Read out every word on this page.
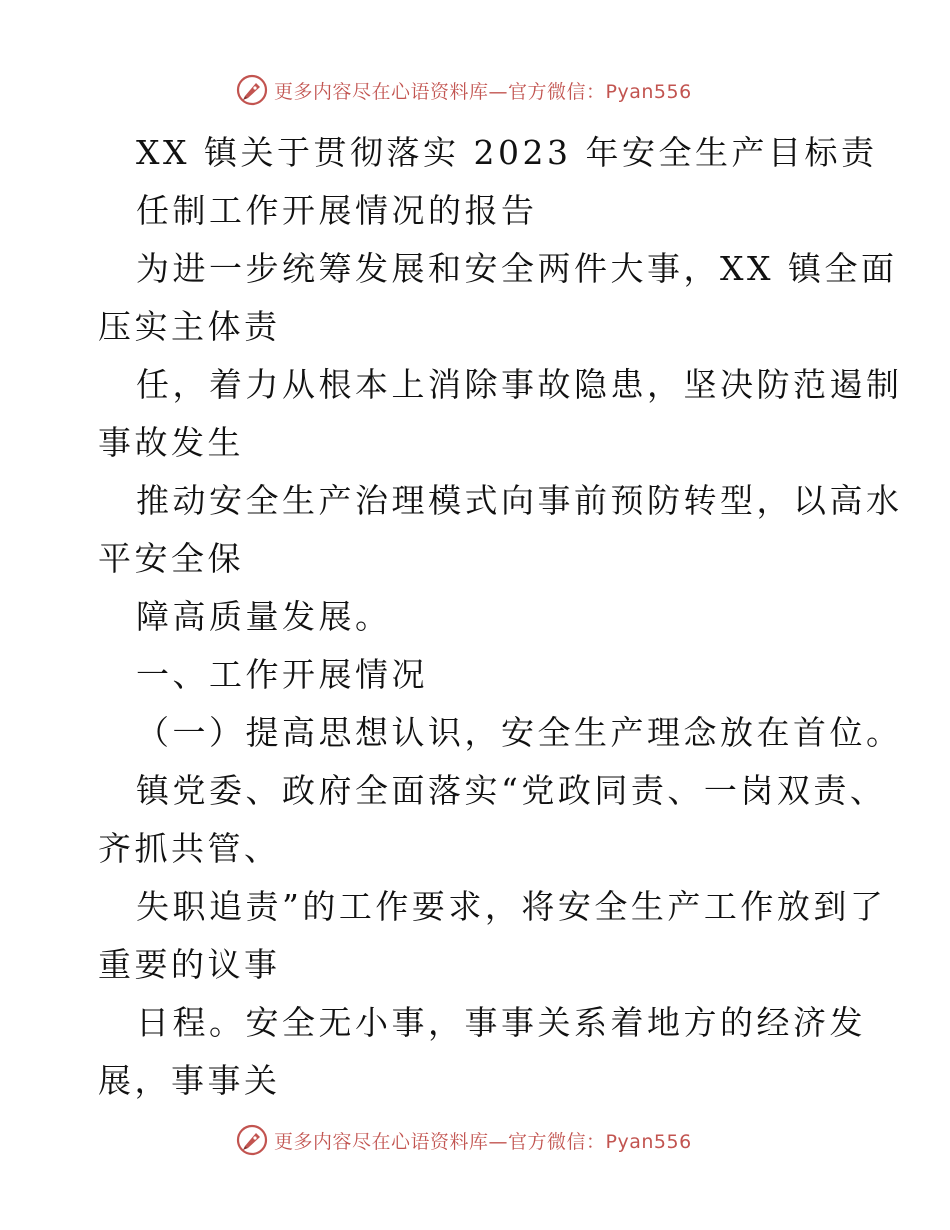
更多内容尽在心语资料库—官方微信：Pyan556
XX 镇关于贯彻落实 2023 年安全生产目标责
任制工作开展情况的报告
为进一步统筹发展和安全两件大事，XX 镇全面
压实主体责
任，着力从根本上消除事故隐患，坚决防范遏制
事故发生
推动安全生产治理模式向事前预防转型，以高水
平安全保
障高质量发展。
一、工作开展情况
（一）提高思想认识，安全生产理念放在首位。
镇党委、政府全面落实“党政同责、一岗双责、
齐抓共管、
失职追责”的工作要求，将安全生产工作放到了
重要的议事
日程。安全无小事，事事关系着地方的经济发
展，事事关
更多内容尽在心语资料库—官方微信：Pyan556
